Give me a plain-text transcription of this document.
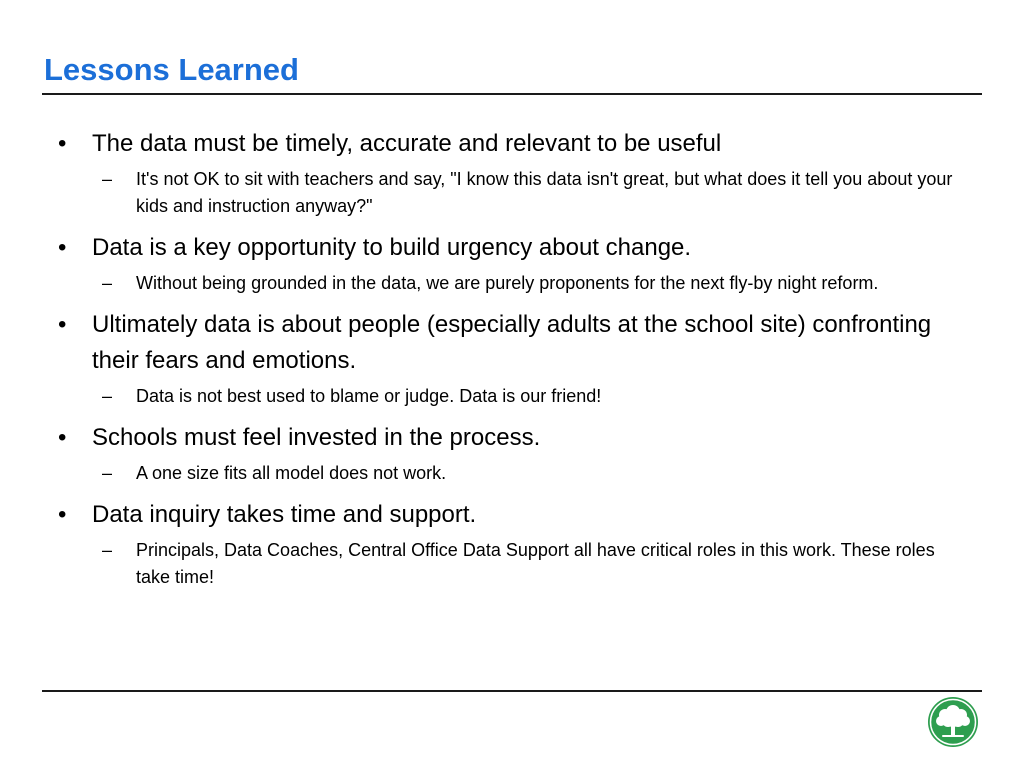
Lessons Learned
• The data must be timely, accurate and relevant to be useful
– It's not OK to sit with teachers and say, "I know this data isn't great, but what does it tell you about your kids and instruction anyway?"
• Data is a key opportunity to build urgency about change.
– Without being grounded in the data, we are purely proponents for the next fly-by night reform.
• Ultimately data is about people (especially adults at the school site) confronting their fears and emotions.
– Data is not best used to blame or judge. Data is our friend!
• Schools must feel invested in the process.
– A one size fits all model does not work.
• Data inquiry takes time and support.
– Principals, Data Coaches, Central Office Data Support all have critical roles in this work. These roles take time!
